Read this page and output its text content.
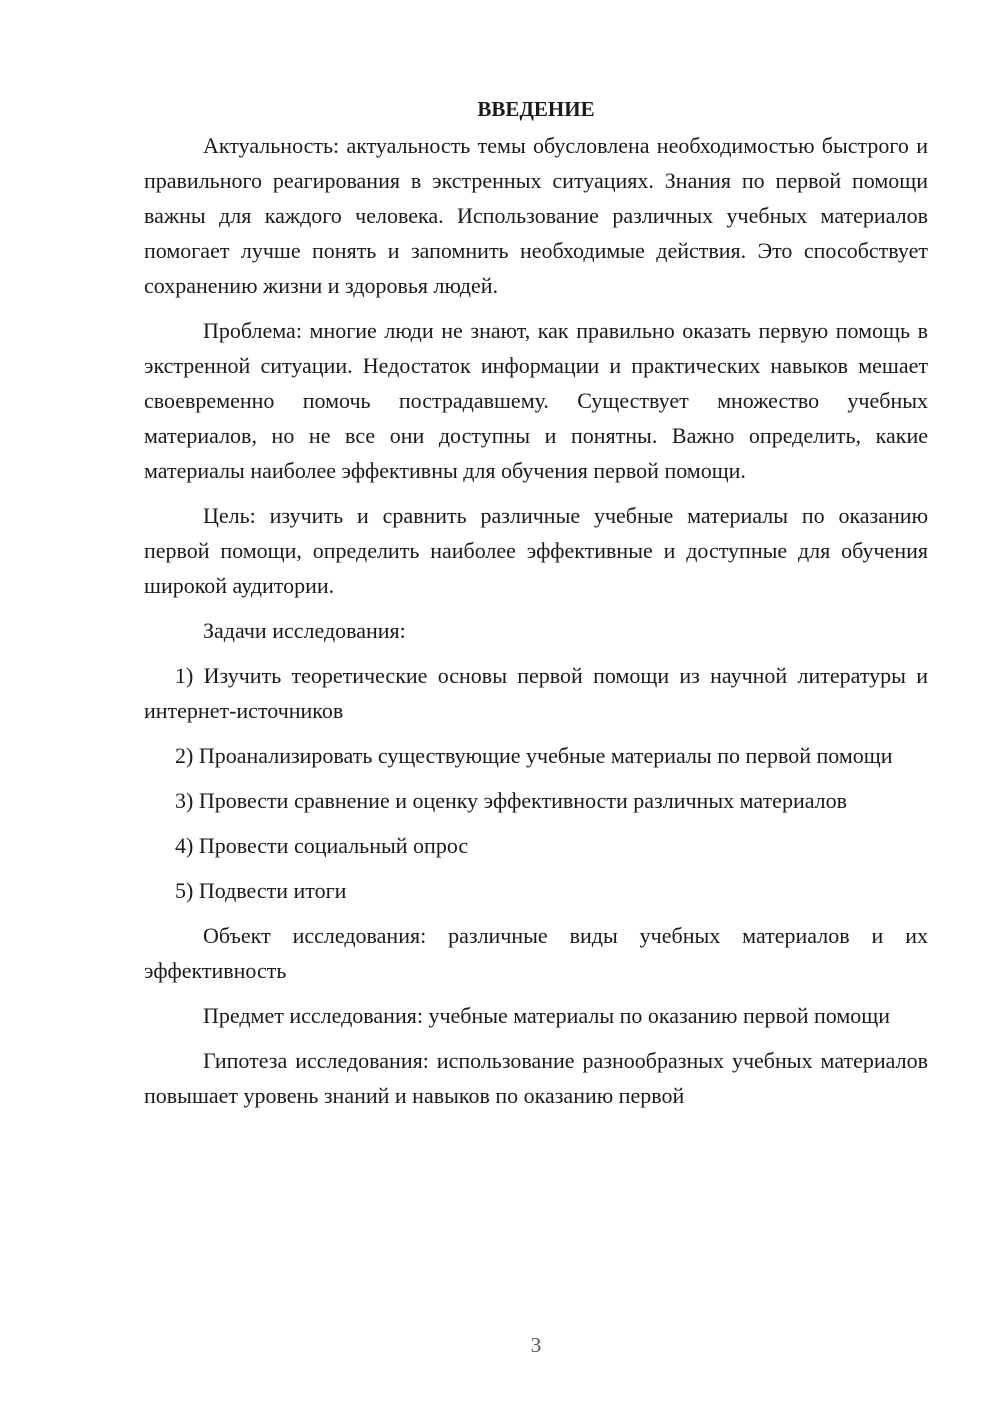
ВВЕДЕНИЕ

Актуальность: актуальность темы обусловлена необходимостью быстрого и правильного реагирования в экстренных ситуациях. Знания по первой помощи важны для каждого человека. Использование различных учебных материалов помогает лучше понять и запомнить необходимые действия. Это способствует сохранению жизни и здоровья людей.

Проблема: многие люди не знают, как правильно оказать первую помощь в экстренной ситуации. Недостаток информации и практических навыков мешает своевременно помочь пострадавшему. Существует множество учебных материалов, но не все они доступны и понятны. Важно определить, какие материалы наиболее эффективны для обучения первой помощи.

Цель: изучить и сравнить различные учебные материалы по оказанию первой помощи, определить наиболее эффективные и доступные для обучения широкой аудитории.

Задачи исследования:

1) Изучить теоретические основы первой помощи из научной литературы и интернет-источников

2) Проанализировать существующие учебные материалы по первой помощи

3) Провести сравнение и оценку эффективности различных материалов

4) Провести социальный опрос

5) Подвести итоги

Объект исследования: различные виды учебных материалов и их эффективность

Предмет исследования: учебные материалы по оказанию первой помощи

Гипотеза исследования: использование разнообразных учебных материалов повышает уровень знаний и навыков по оказанию первой

3
